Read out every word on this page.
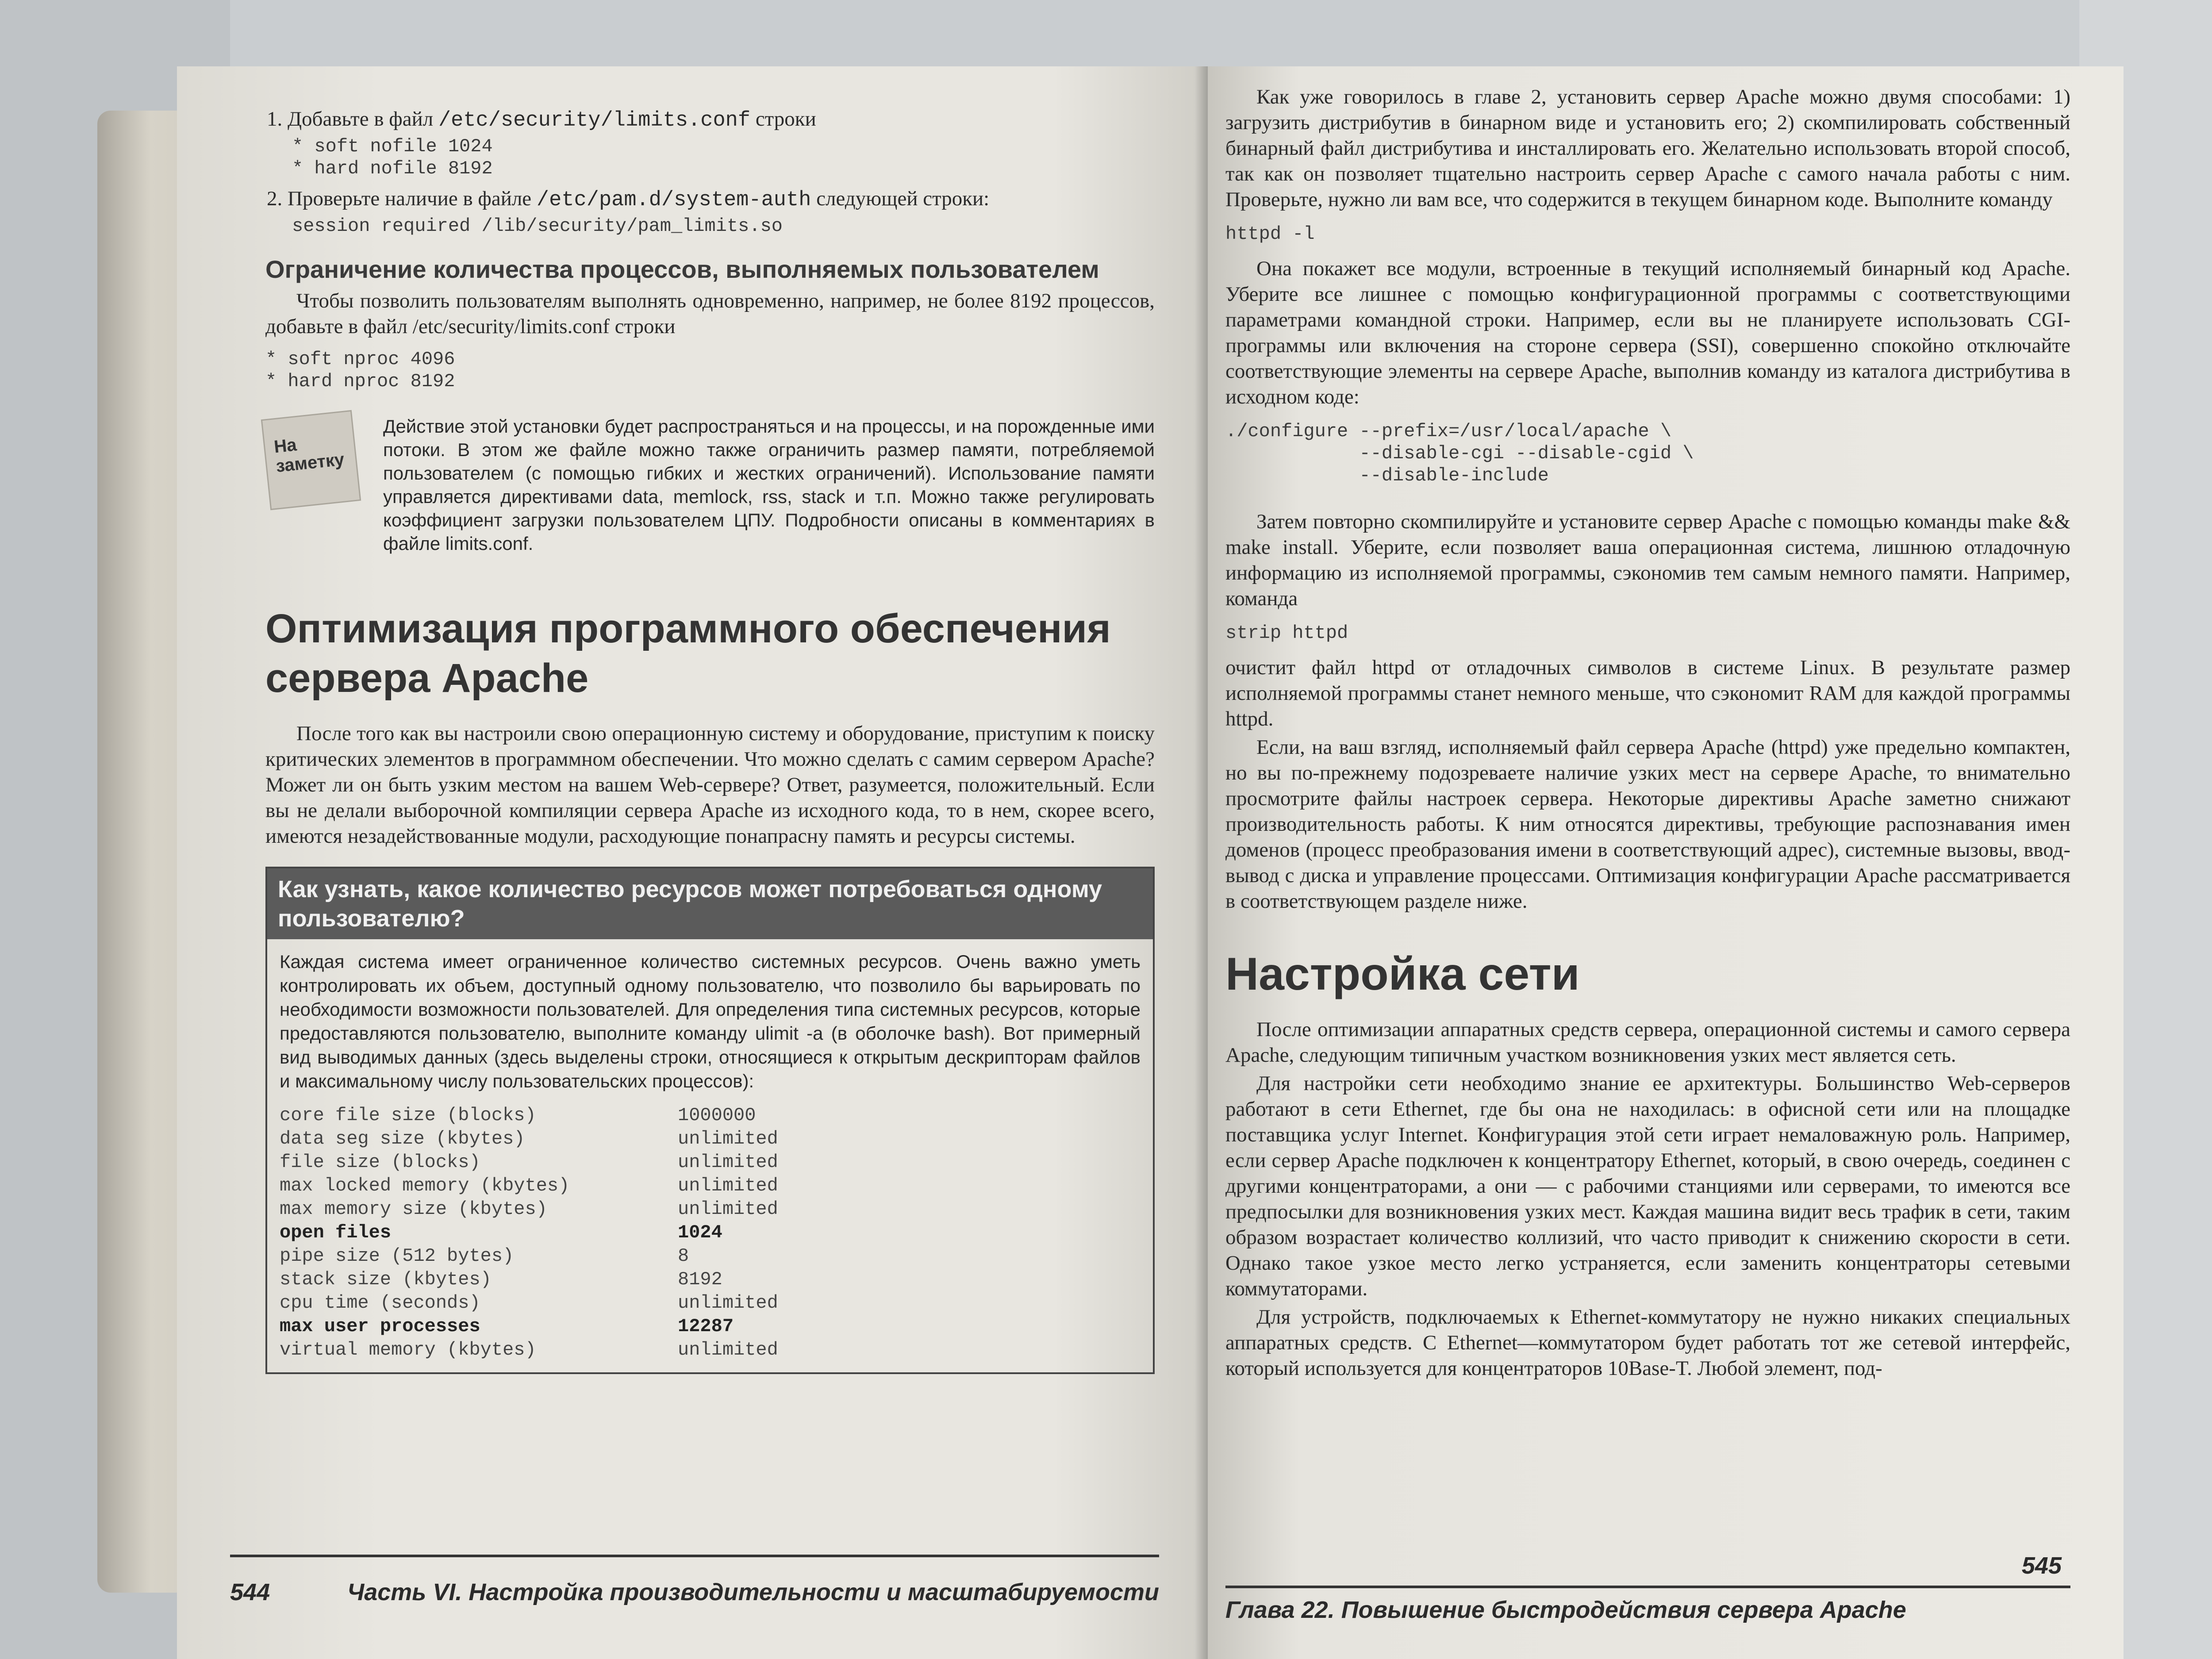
1. Добавьте в файл /etc/security/limits.conf строки
* soft nofile 1024
* hard nofile 8192
2. Проверьте наличие в файле /etc/pam.d/system-auth следующей строки:
session required /lib/security/pam_limits.so
Ограничение количества процессов, выполняемых пользователем

Чтобы позволить пользователям выполнять одновременно, например, не более 8192 процессов, добавьте в файл /etc/security/limits.conf строки

* soft nproc 4096
* hard nproc 8192
На заметку
Действие этой установки будет распространяться и на процессы, и на порожденные ими потоки. В этом же файле можно также ограничить размер памяти, потребляемой пользователем (с помощью гибких и жестких ограничений). Использование памяти управляется директивами data, memlock, rss, stack и т.п. Можно также регулировать коэффициент загрузки пользователем ЦПУ. Подробности описаны в комментариях в файле limits.conf.
Оптимизация программного обеспечения сервера Apache

После того как вы настроили свою операционную систему и оборудование, приступим к поиску критических элементов в программном обеспечении. Что можно сделать с самим сервером Apache? Может ли он быть узким местом на вашем Web-сервере? Ответ, разумеется, положительный. Если вы не делали выборочной компиляции сервера Apache из исходного кода, то в нем, скорее всего, имеются незадействованные модули, расходующие понапрасну память и ресурсы системы.

Как узнать, какое количество ресурсов может потребоваться одному пользователю?
Каждая система имеет ограниченное количество системных ресурсов. Очень важно уметь контролировать их объем, доступный одному пользователю, что позволило бы варьировать по необходимости возможности пользователей. Для определения типа системных ресурсов, которые предоставляются пользователю, выполните команду ulimit -a (в оболочке bash). Вот примерный вид выводимых данных (здесь выделены строки, относящиеся к открытым дескрипторам файлов и максимальному числу пользовательских процессов):
core file size (blocks)	1000000
data seg size (kbytes)	unlimited
file size (blocks)	unlimited
max locked memory (kbytes)	unlimited
max memory size (kbytes)	unlimited
open files	1024
pipe size (512 bytes)	8
stack size (kbytes)	8192
cpu time (seconds)	unlimited
max user processes	12287
virtual memory (kbytes)	unlimited
544	Часть VI. Настройка производительности и масштабируемости

Как уже говорилось в главе 2, установить сервер Apache можно двумя способами: 1) загрузить дистрибутив в бинарном виде и установить его; 2) скомпилировать собственный бинарный файл дистрибутива и инсталлировать его. Желательно использовать второй способ, так как он позволяет тщательно настроить сервер Apache с самого начала работы с ним. Проверьте, нужно ли вам все, что содержится в текущем бинарном коде. Выполните команду

httpd -l

Она покажет все модули, встроенные в текущий исполняемый бинарный код Apache. Уберите все лишнее с помощью конфигурационной программы с соответствующими параметрами командной строки. Например, если вы не планируете использовать CGI-программы или включения на стороне сервера (SSI), совершенно спокойно отключайте соответствующие элементы на сервере Apache, выполнив команду из каталога дистрибутива в исходном коде:

./configure --prefix=/usr/local/apache \
--disable-cgi --disable-cgid \
--disable-include

Затем повторно скомпилируйте и установите сервер Apache с помощью команды make && make install. Уберите, если позволяет ваша операционная система, лишнюю отладочную информацию из исполняемой программы, сэкономив тем самым немного памяти. Например, команда

strip httpd

очистит файл httpd от отладочных символов в системе Linux. В результате размер исполняемой программы станет немного меньше, что сэкономит RAM для каждой программы httpd.

Если, на ваш взгляд, исполняемый файл сервера Apache (httpd) уже предельно компактен, но вы по-прежнему подозреваете наличие узких мест на сервере Apache, то внимательно просмотрите файлы настроек сервера. Некоторые директивы Apache заметно снижают производительность работы. К ним относятся директивы, требующие распознавания имен доменов (процесс преобразования имени в соответствующий адрес), системные вызовы, ввод-вывод с диска и управление процессами. Оптимизация конфигурации Apache рассматривается в соответствующем разделе ниже.

Настройка сети

После оптимизации аппаратных средств сервера, операционной системы и самого сервера Apache, следующим типичным участком возникновения узких мест является сеть.

Для настройки сети необходимо знание ее архитектуры. Большинство Web-серверов работают в сети Ethernet, где бы она не находилась: в офисной сети или на площадке поставщика услуг Internet. Конфигурация этой сети играет немаловажную роль. Например, если сервер Apache подключен к концентратору Ethernet, который, в свою очередь, соединен с другими концентраторами, а они — с рабочими станциями или серверами, то имеются все предпосылки для возникновения узких мест. Каждая машина видит весь трафик в сети, таким образом возрастает количество коллизий, что часто приводит к снижению скорости в сети. Однако такое узкое место легко устраняется, если заменить концентраторы сетевыми коммутаторами.

Для устройств, подключаемых к Ethernet-коммутатору не нужно никаких специальных аппаратных средств. С Ethernet—коммутатором будет работать тот же сетевой интерфейс, который используется для концентраторов 10Base-T. Любой элемент, под-

545
Глава 22. Повышение быстродействия сервера Apache
